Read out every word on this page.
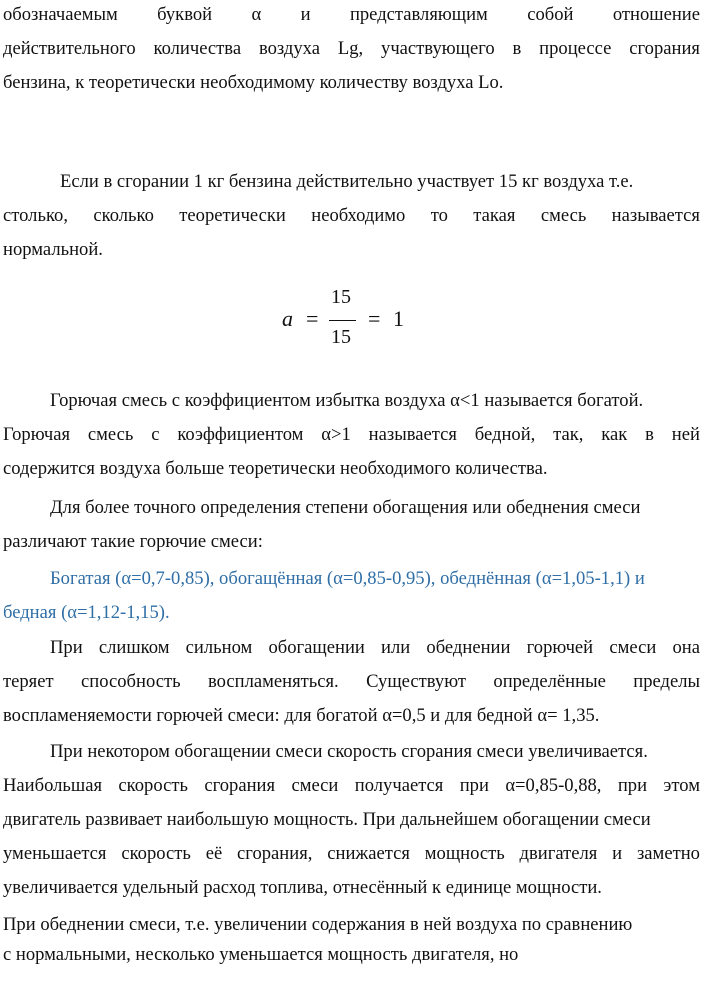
обозначаемым буквой α и представляющим собой отношение
действительного количества воздуха Lg, участвующего в процессе сгорания
бензина, к теоретически необходимому количеству воздуха Lo.
Если в сгорании 1 кг бензина действительно участвует 15 кг воздуха т.е.
столько, сколько теоретически необходимо то такая смесь называется
нормальной.
a =
15
15
= 1
Горючая смесь с коэффициентом избытка воздуха α<1 называется богатой.
Горючая смесь с коэффициентом α>1 называется бедной, так, как в ней
содержится воздуха больше теоретически необходимого количества.
Для более точного определения степени обогащения или обеднения смеси
различают такие горючие смеси:
Богатая (α=0,7-0,85), обогащённая (α=0,85-0,95), обеднённая (α=1,05-1,1) и
бедная (α=1,12-1,15).
При слишком сильном обогащении или обеднении горючей смеси она
теряет способность воспламеняться. Существуют определённые пределы
воспламеняемости горючей смеси: для богатой α=0,5 и для бедной α= 1,35.
При некотором обогащении смеси скорость сгорания смеси увеличивается.
Наибольшая скорость сгорания смеси получается при α=0,85-0,88, при этом
двигатель развивает наибольшую мощность. При дальнейшем обогащении смеси
уменьшается скорость её сгорания, снижается мощность двигателя и заметно
увеличивается удельный расход топлива, отнесённый к единице мощности.
При обеднении смеси, т.е. увеличении содержания в ней воздуха по сравнению
с нормальными, несколько уменьшается мощность двигателя, но
